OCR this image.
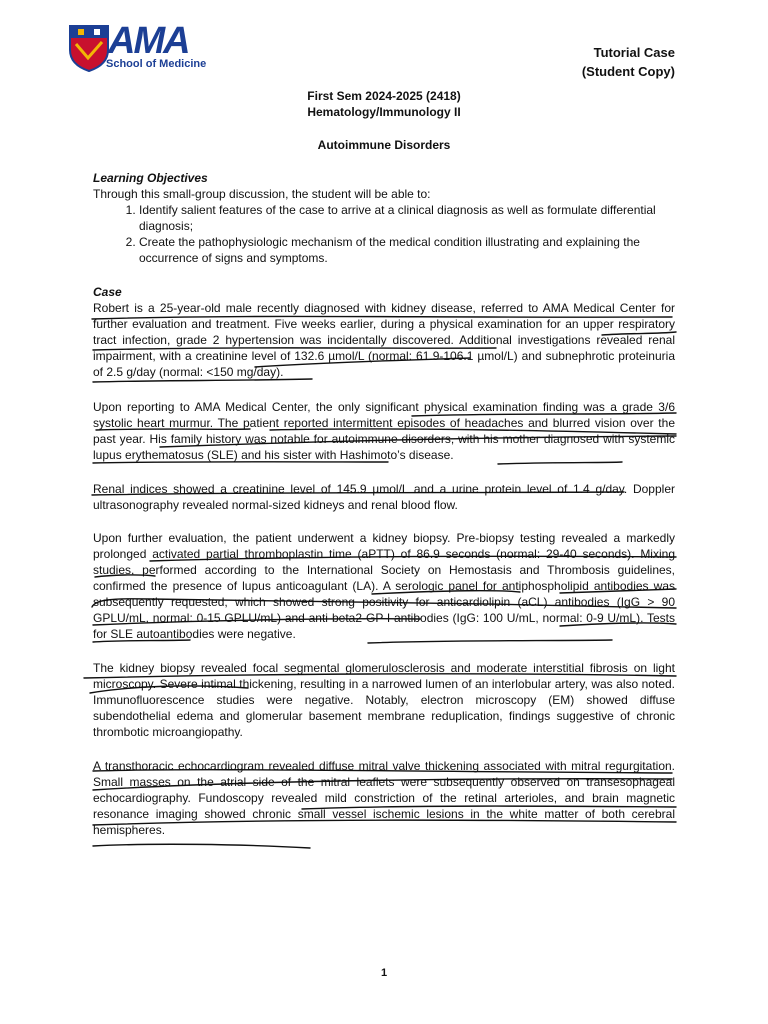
AMA
School of Medicine
Tutorial Case
(Student Copy)
First Sem 2024-2025 (2418)
Hematology/Immunology II
Autoimmune Disorders
Learning Objectives
Through this small-group discussion, the student will be able to:
1. Identify salient features of the case to arrive at a clinical diagnosis as well as formulate differential diagnosis;
2. Create the pathophysiologic mechanism of the medical condition illustrating and explaining the occurrence of signs and symptoms.
Case
Robert is a 25-year-old male recently diagnosed with kidney disease, referred to AMA Medical Center for further evaluation and treatment. Five weeks earlier, during a physical examination for an upper respiratory tract infection, grade 2 hypertension was incidentally discovered. Additional investigations revealed renal impairment, with a creatinine level of 132.6 µmol/L (normal: 61.9-106.1 µmol/L) and subnephrotic proteinuria of 2.5 g/day (normal: <150 mg/day).
Upon reporting to AMA Medical Center, the only significant physical examination finding was a grade 3/6 systolic heart murmur. The patient reported intermittent episodes of headaches and blurred vision over the past year. His family history was notable for autoimmune disorders, with his mother diagnosed with systemic lupus erythematosus (SLE) and his sister with Hashimoto’s disease.
Renal indices showed a creatinine level of 145.9 µmol/L and a urine protein level of 1.4 g/day. Doppler ultrasonography revealed normal-sized kidneys and renal blood flow.
Upon further evaluation, the patient underwent a kidney biopsy. Pre-biopsy testing revealed a markedly prolonged activated partial thromboplastin time (aPTT) of 86.9 seconds (normal: 29-40 seconds). Mixing studies, performed according to the International Society on Hemostasis and Thrombosis guidelines, confirmed the presence of lupus anticoagulant (LA). A serologic panel for antiphospholipid antibodies was subsequently requested, which showed strong positivity for anticardiolipin (aCL) antibodies (IgG > 90 GPLU/mL, normal: 0-15 GPLU/mL) and anti-beta2-GP I antibodies (IgG: 100 U/mL, normal: 0-9 U/mL). Tests for SLE autoantibodies were negative.
The kidney biopsy revealed focal segmental glomerulosclerosis and moderate interstitial fibrosis on light microscopy. Severe intimal thickening, resulting in a narrowed lumen of an interlobular artery, was also noted. Immunofluorescence studies were negative. Notably, electron microscopy (EM) showed diffuse subendothelial edema and glomerular basement membrane reduplication, findings suggestive of chronic thrombotic microangiopathy.
A transthoracic echocardiogram revealed diffuse mitral valve thickening associated with mitral regurgitation. Small masses on the atrial side of the mitral leaflets were subsequently observed on transesophageal echocardiography. Fundoscopy revealed mild constriction of the retinal arterioles, and brain magnetic resonance imaging showed chronic small vessel ischemic lesions in the white matter of both cerebral hemispheres.
1
